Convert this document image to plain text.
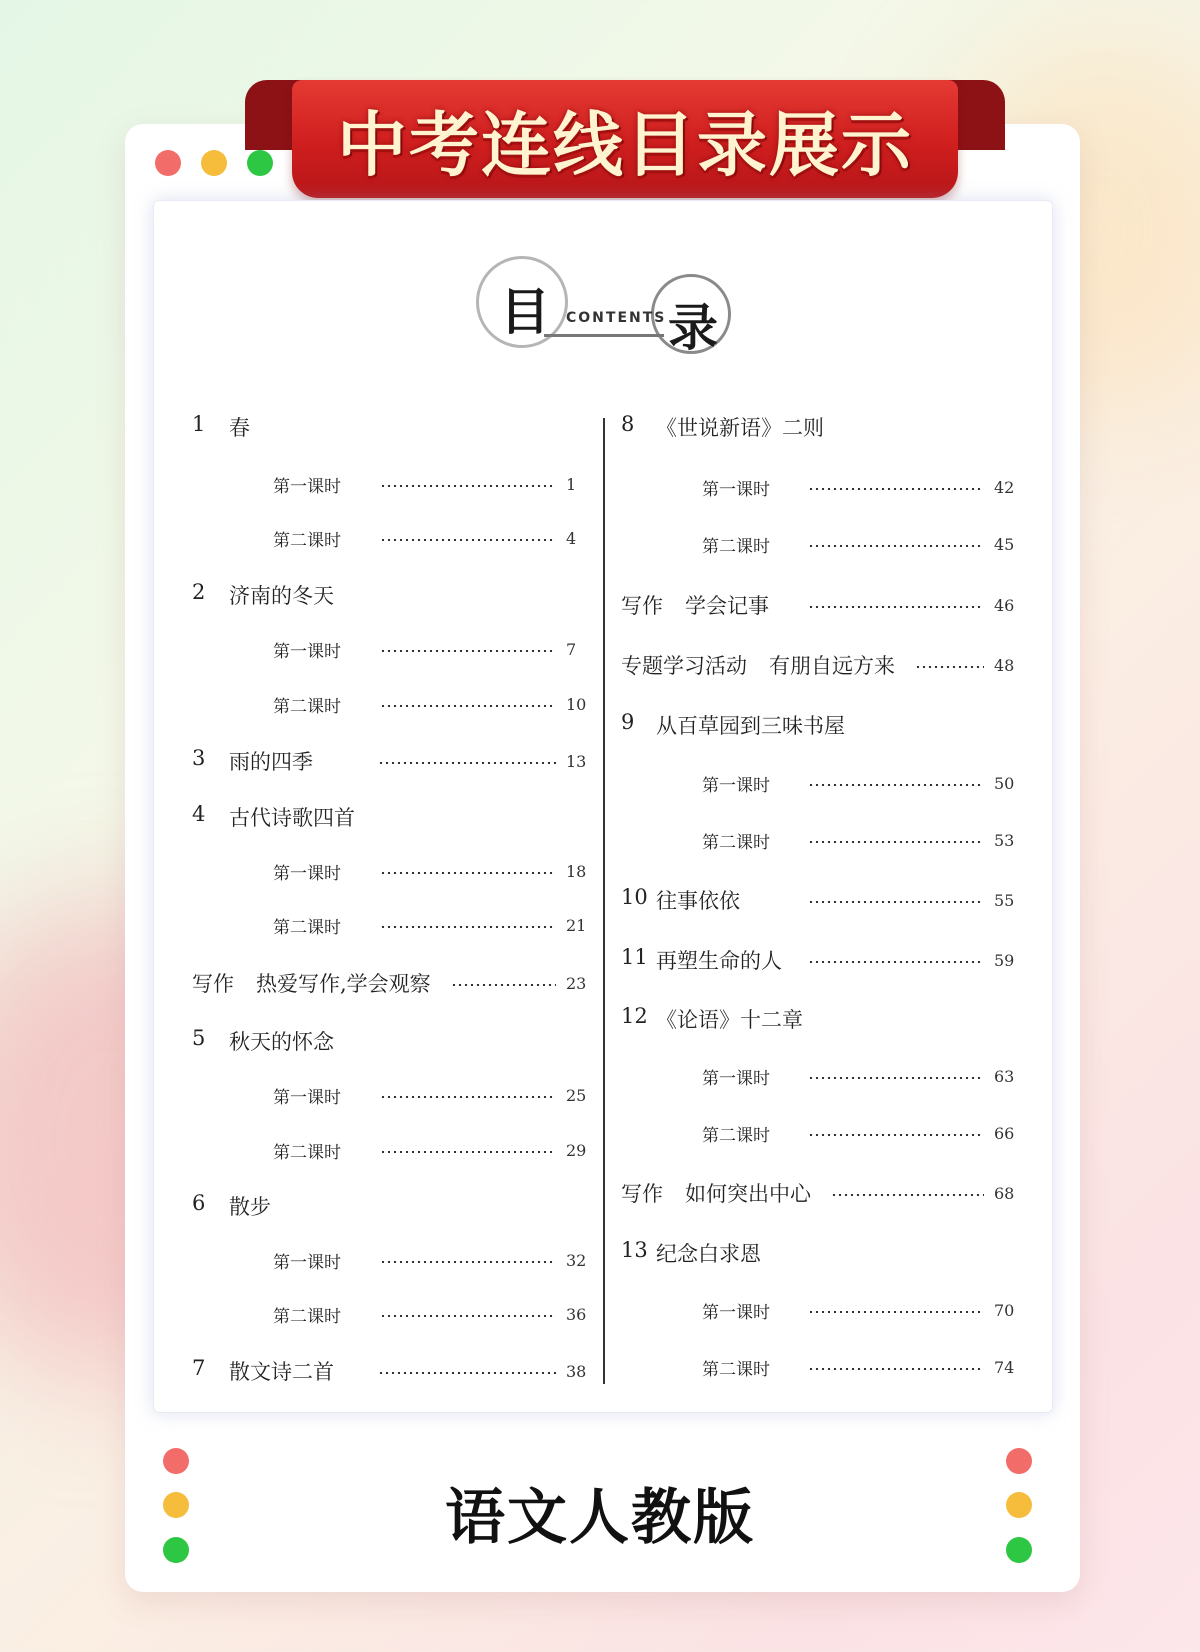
中考连线目录展示
目 CONTENTS 录
语文人教版
1 春
第一课时	1
第二课时	4
2 济南的冬天
第一课时	7
第二课时	10
3 雨的四季	13
4 古代诗歌四首
第一课时	18
第二课时	21
写作 热爱写作,学会观察	23
5 秋天的怀念
第一课时	25
第二课时	29
6 散步
第一课时	32
第二课时	36
7 散文诗二首	38
8 《世说新语》二则
第一课时	42
第二课时	45
写作 学会记事	46
专题学习活动 有朋自远方来	48
9 从百草园到三味书屋
第一课时	50
第二课时	53
10 往事依依	55
11 再塑生命的人	59
12 《论语》十二章
第一课时	63
第二课时	66
写作 如何突出中心	68
13 纪念白求恩
第一课时	70
第二课时	74
